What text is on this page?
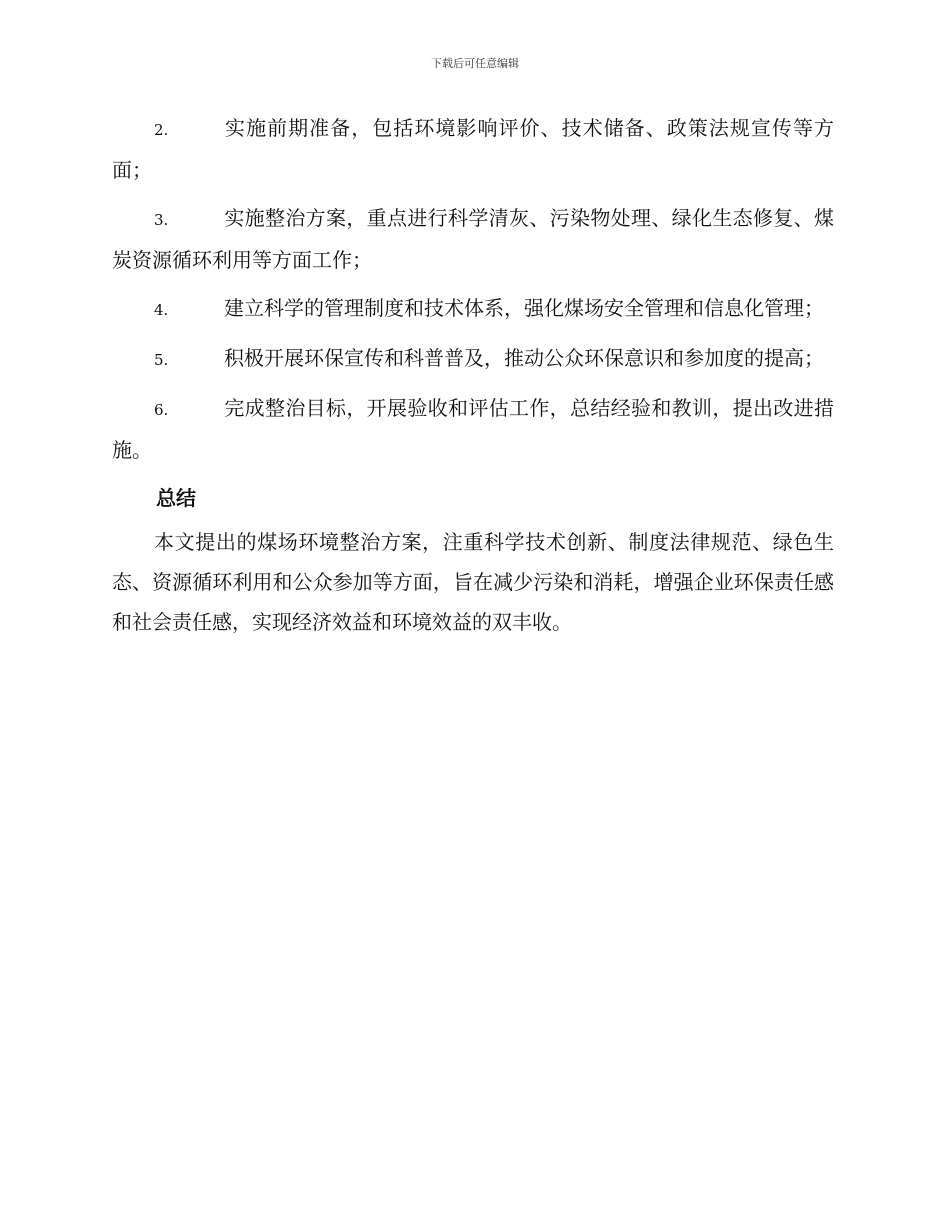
下载后可任意编辑

2.	实施前期准备，包括环境影响评价、技术储备、政策法规宣传等方面；

3.	实施整治方案，重点进行科学清灰、污染物处理、绿化生态修复、煤炭资源循环利用等方面工作；

4.	建立科学的管理制度和技术体系，强化煤场安全管理和信息化管理；

5.	积极开展环保宣传和科普普及，推动公众环保意识和参加度的提高；

6.	完成整治目标，开展验收和评估工作，总结经验和教训，提出改进措施。

总结

本文提出的煤场环境整治方案，注重科学技术创新、制度法律规范、绿色生态、资源循环利用和公众参加等方面，旨在减少污染和消耗，增强企业环保责任感和社会责任感，实现经济效益和环境效益的双丰收。
